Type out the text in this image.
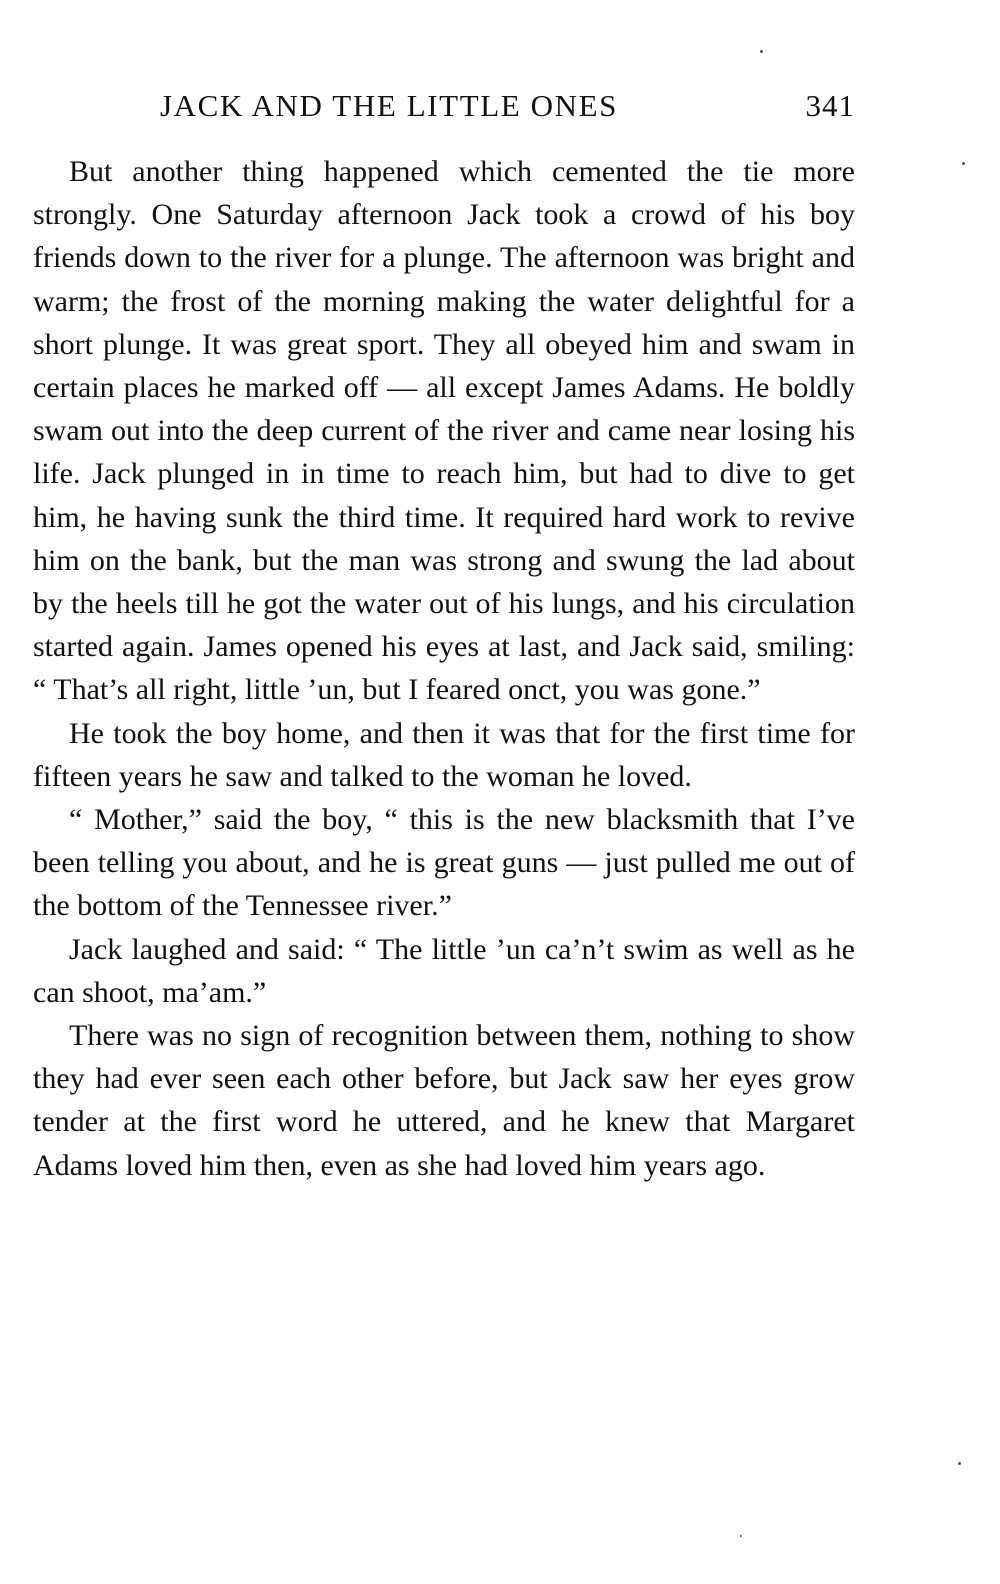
JACK AND THE LITTLE ONES	341

But another thing happened which cemented the tie more strongly. One Saturday afternoon Jack took a crowd of his boy friends down to the river for a plunge. The afternoon was bright and warm; the frost of the morning making the water delightful for a short plunge. It was great sport. They all obeyed him and swam in certain places he marked off — all except James Adams. He boldly swam out into the deep current of the river and came near losing his life. Jack plunged in in time to reach him, but had to dive to get him, he having sunk the third time. It required hard work to revive him on the bank, but the man was strong and swung the lad about by the heels till he got the water out of his lungs, and his circulation started again. James opened his eyes at last, and Jack said, smiling: “ That’s all right, little ’un, but I feared onct, you was gone.”

He took the boy home, and then it was that for the first time for fifteen years he saw and talked to the woman he loved.

“ Mother,” said the boy, “ this is the new blacksmith that I’ve been telling you about, and he is great guns — just pulled me out of the bottom of the Tennessee river.”

Jack laughed and said: “ The little ’un ca’n’t swim as well as he can shoot, ma’am.”

There was no sign of recognition between them, nothing to show they had ever seen each other before, but Jack saw her eyes grow tender at the first word he uttered, and he knew that Margaret Adams loved him then, even as she had loved him years ago.
